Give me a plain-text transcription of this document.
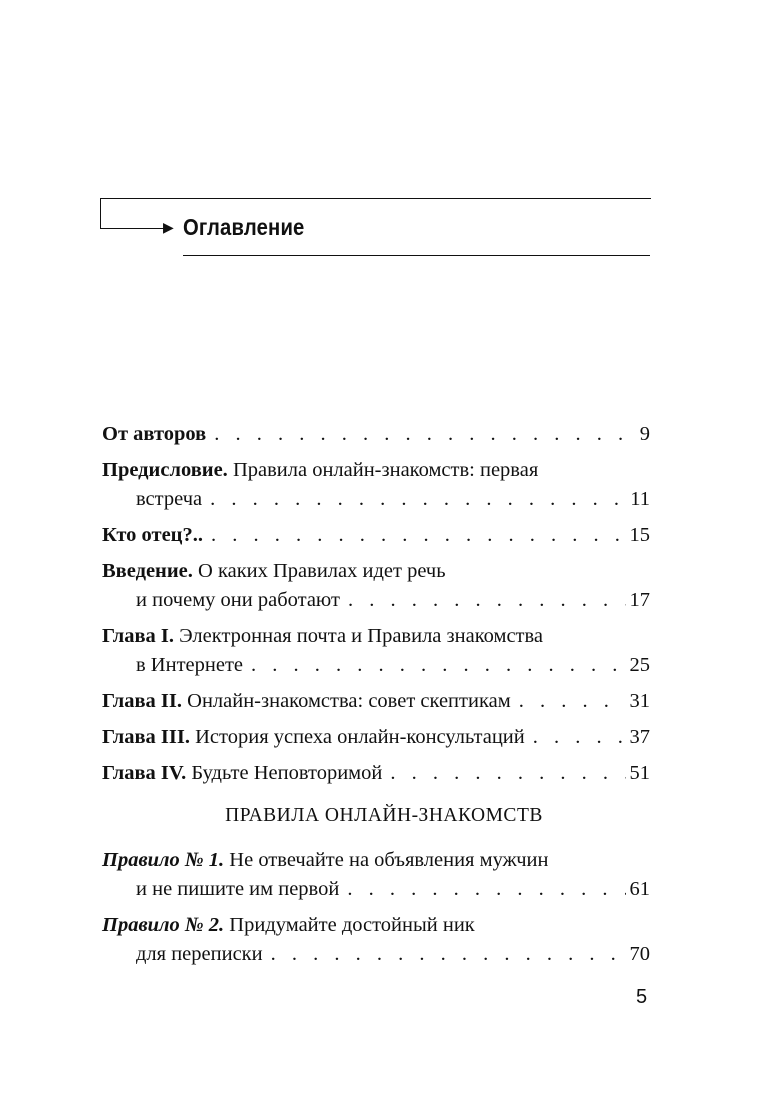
▶ Оглавление
От авторов . . .	9
Предисловие. Правила онлайн-знакомств: первая
встреча . . .	11
Кто отец?.. . . .	15
Введение. О каких Правилах идет речь
и почему они работают . . .	17
Глава I. Электронная почта и Правила знакомства
в Интернете . . .	25
Глава II. Онлайн-знакомства: совет скептикам . . .	31
Глава III. История успеха онлайн-консультаций . . .	37
Глава IV. Будьте Неповторимой . . .	51
ПРАВИЛА ОНЛАЙН-ЗНАКОМСТВ
Правило № 1. Не отвечайте на объявления мужчин
и не пишите им первой . . .	61
Правило № 2. Придумайте достойный ник
для переписки . . .	70
5
